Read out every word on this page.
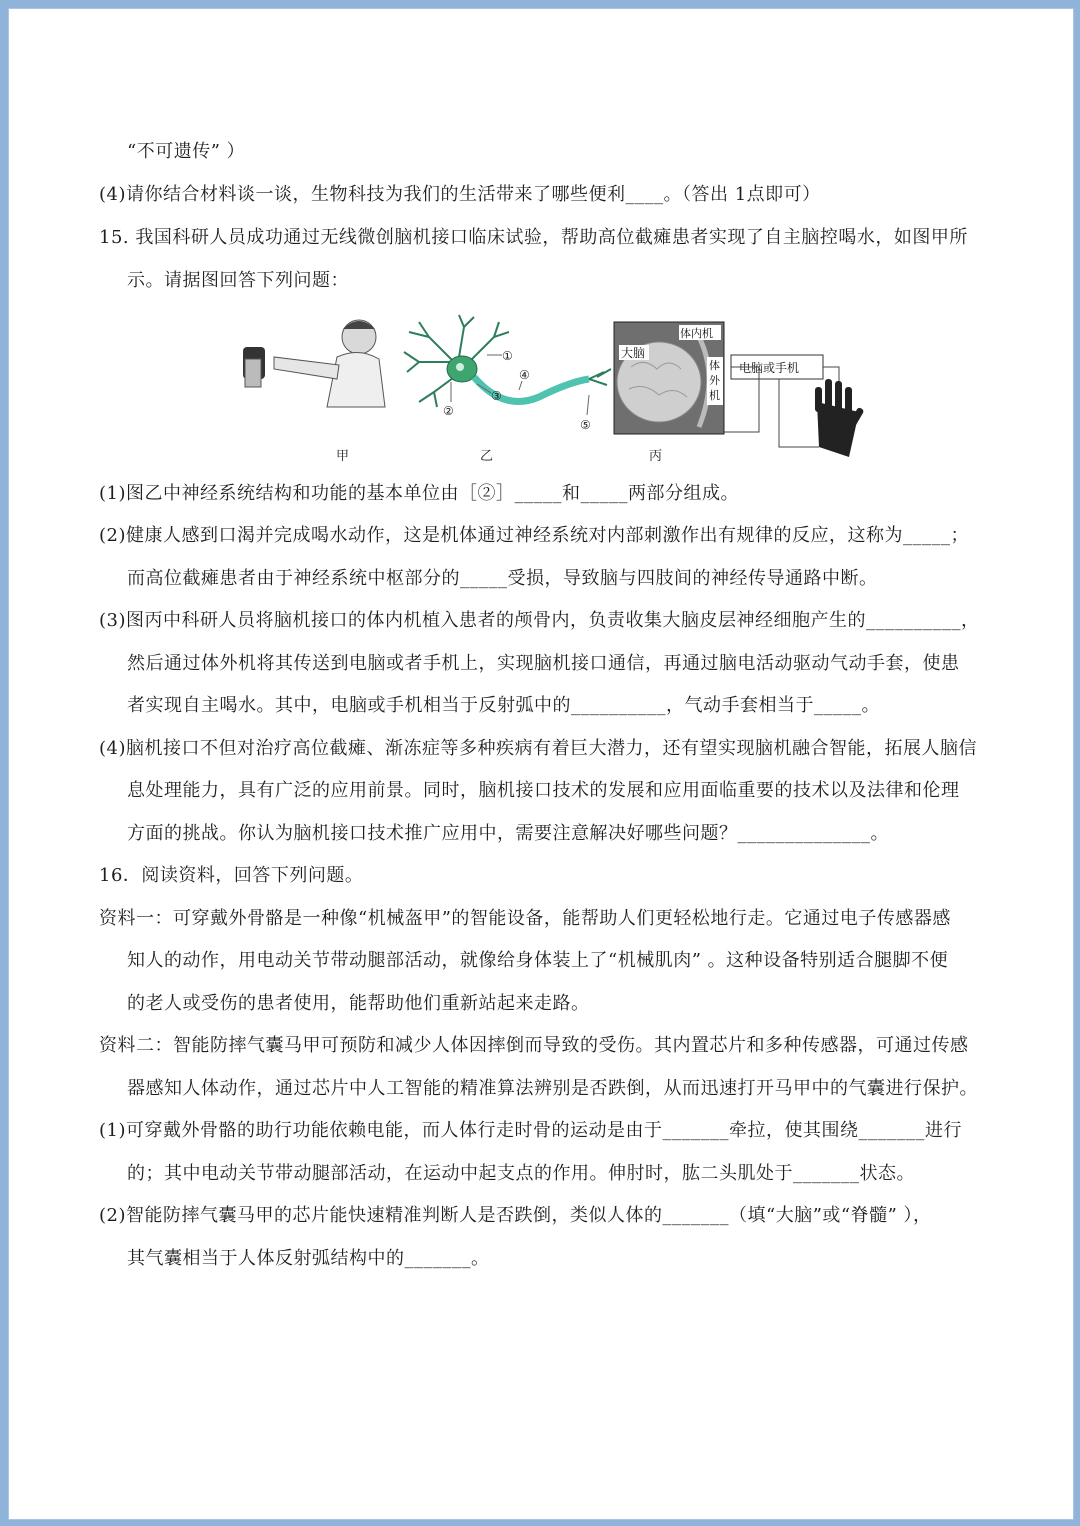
“不可遗传” ）
(4)请你结合材料谈一谈，生物科技为我们的生活带来了哪些便利____。（答出 1点即可）
15. 我国科研人员成功通过无线微创脑机接口临床试验，帮助高位截瘫患者实现了自主脑控喝水，如图甲所
示。请据图回答下列问题：
①
②
③
④
⑤
大脑
体内机
体外机
电脑或手机
甲	乙	丙
(1)图乙中神经系统结构和功能的基本单位由［②］_____和_____两部分组成。
(2)健康人感到口渴并完成喝水动作，这是机体通过神经系统对内部刺激作出有规律的反应，这称为_____；
而高位截瘫患者由于神经系统中枢部分的_____受损，导致脑与四肢间的神经传导通路中断。
(3)图丙中科研人员将脑机接口的体内机植入患者的颅骨内，负责收集大脑皮层神经细胞产生的__________，
然后通过体外机将其传送到电脑或者手机上，实现脑机接口通信，再通过脑电活动驱动气动手套，使患
者实现自主喝水。其中，电脑或手机相当于反射弧中的__________，气动手套相当于_____。
(4)脑机接口不但对治疗高位截瘫、渐冻症等多种疾病有着巨大潜力，还有望实现脑机融合智能，拓展人脑信
息处理能力，具有广泛的应用前景。同时，脑机接口技术的发展和应用面临重要的技术以及法律和伦理
方面的挑战。你认为脑机接口技术推广应用中，需要注意解决好哪些问题？______________。
16．阅读资料，回答下列问题。
资料一：可穿戴外骨骼是一种像“机械盔甲”的智能设备，能帮助人们更轻松地行走。它通过电子传感器感
知人的动作，用电动关节带动腿部活动，就像给身体装上了“机械肌肉” 。这种设备特别适合腿脚不便
的老人或受伤的患者使用，能帮助他们重新站起来走路。
资料二：智能防摔气囊马甲可预防和减少人体因摔倒而导致的受伤。其内置芯片和多种传感器，可通过传感
器感知人体动作，通过芯片中人工智能的精准算法辨别是否跌倒，从而迅速打开马甲中的气囊进行保护。
(1)可穿戴外骨骼的助行功能依赖电能，而人体行走时骨的运动是由于_______牵拉，使其围绕_______进行
的；其中电动关节带动腿部活动，在运动中起支点的作用。伸肘时，肱二头肌处于_______状态。
(2)智能防摔气囊马甲的芯片能快速精准判断人是否跌倒，类似人体的_______（填“大脑”或“脊髓” ），
其气囊相当于人体反射弧结构中的_______。
